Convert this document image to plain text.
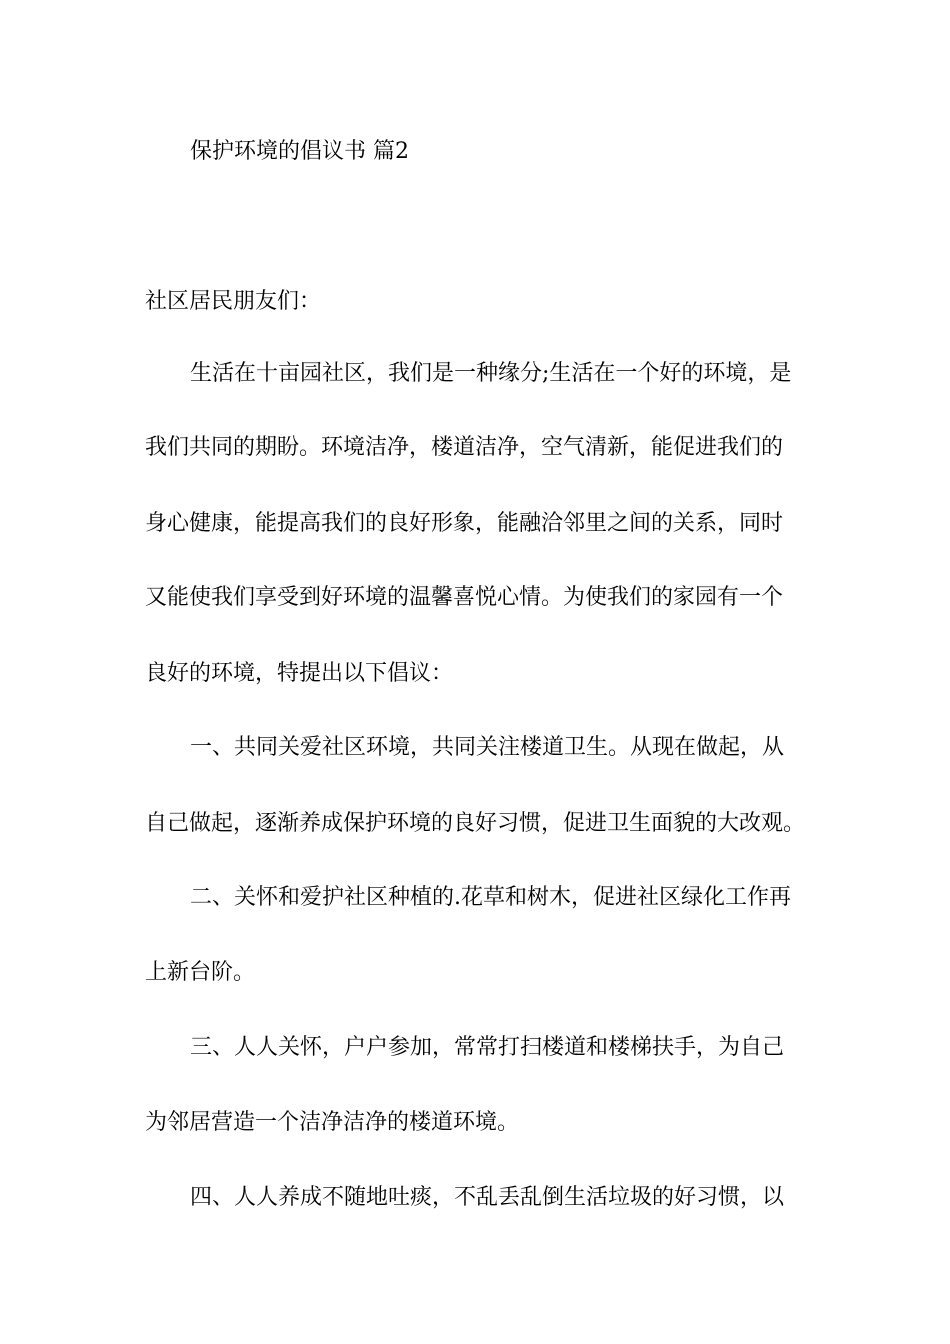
保护环境的倡议书 篇2
社区居民朋友们：
生活在十亩园社区，我们是一种缘分;生活在一个好的环境，是
我们共同的期盼。环境洁净，楼道洁净，空气清新，能促进我们的
身心健康，能提高我们的良好形象，能融洽邻里之间的关系，同时
又能使我们享受到好环境的温馨喜悦心情。为使我们的家园有一个
良好的环境，特提出以下倡议：
一、共同关爱社区环境，共同关注楼道卫生。从现在做起，从
自己做起，逐渐养成保护环境的良好习惯，促进卫生面貌的大改观。
二、关怀和爱护社区种植的.花草和树木，促进社区绿化工作再
上新台阶。
三、人人关怀，户户参加，常常打扫楼道和楼梯扶手，为自己
为邻居营造一个洁净洁净的楼道环境。
四、人人养成不随地吐痰，不乱丢乱倒生活垃圾的好习惯，以
